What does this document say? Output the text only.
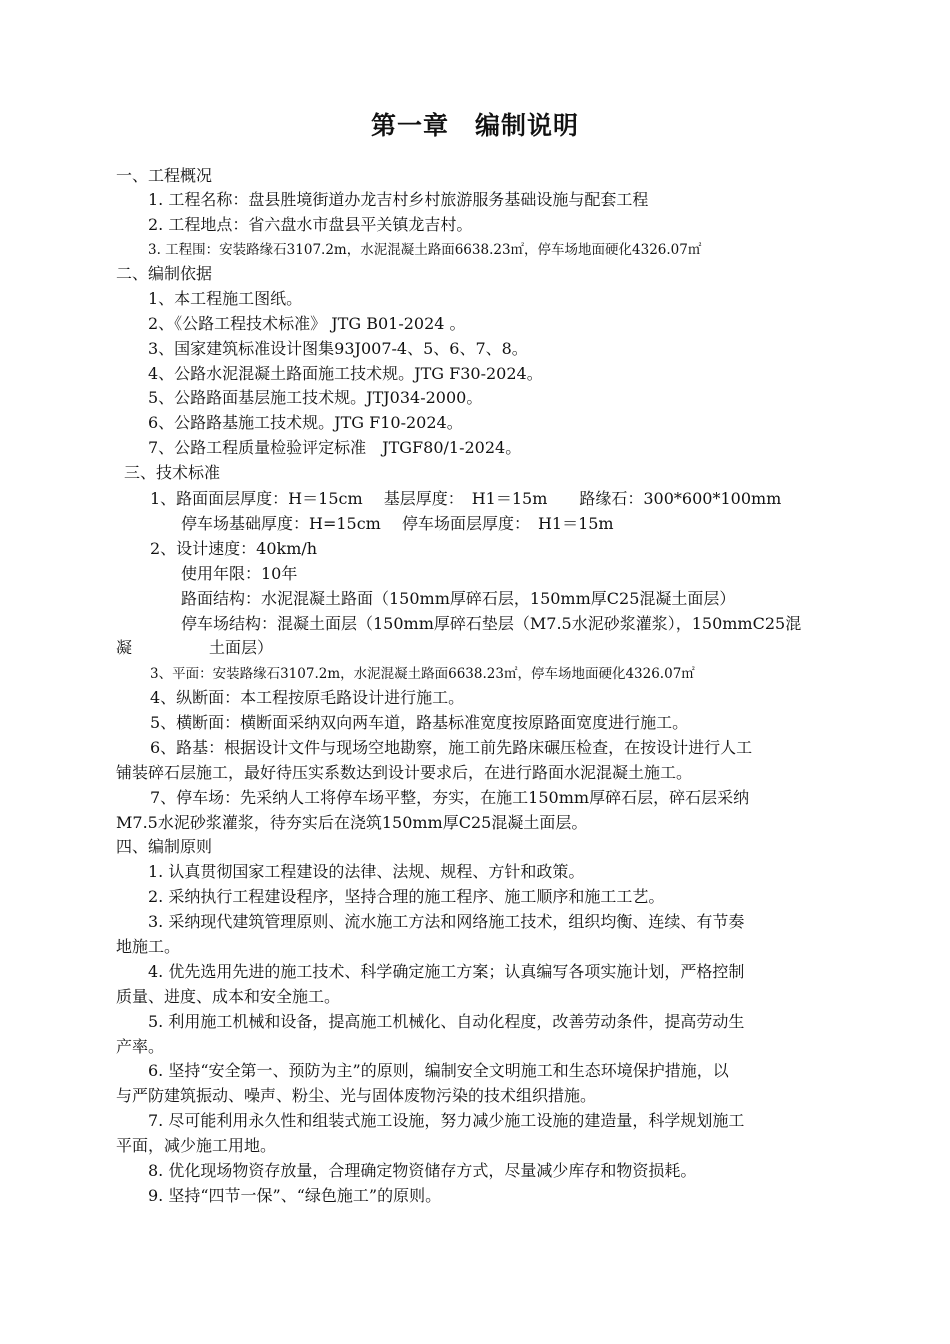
第一章　编制说明
一、工程概况
1. 工程名称：盘县胜境街道办龙吉村乡村旅游服务基础设施与配套工程
2. 工程地点：省六盘水市盘县平关镇龙吉村。
3. 工程围：安装路缘石3107.2m，水泥混凝土路面6638.23㎡，停车场地面硬化4326.07㎡
二、编制依据
1、本工程施工图纸。
2、《公路工程技术标准》 JTG B01-2024 。
3、国家建筑标准设计图集93J007-4、5、6、7、8。
4、公路水泥混凝土路面施工技术规。JTG F30-2024。
5、公路路面基层施工技术规。JTJ034-2000。
6、公路路基施工技术规。JTG F10-2024。
7、公路工程质量检验评定标准　JTGF80/1-2024。
三、技术标准
1、路面面层厚度：H＝15cm　 基层厚度：　H1＝15m　　路缘石：300*600*100mm
停车场基础厚度：H=15cm　 停车场面层厚度：　H1＝15m
2、设计速度：40km/h
使用年限：10年
路面结构：水泥混凝土路面（150mm厚碎石层，150mm厚C25混凝土面层）
停车场结构：混凝土面层（150mm厚碎石垫层（M7.5水泥砂浆灌浆），150mmC25混
凝	土面层）
3、平面：安装路缘石3107.2m，水泥混凝土路面6638.23㎡，停车场地面硬化4326.07㎡
4、纵断面：本工程按原毛路设计进行施工。
5、横断面：横断面采纳双向两车道，路基标准宽度按原路面宽度进行施工。
6、路基：根据设计文件与现场空地勘察，施工前先路床碾压检查，在按设计进行人工
铺装碎石层施工，最好待压实系数达到设计要求后，在进行路面水泥混凝土施工。
7、停车场：先采纳人工将停车场平整，夯实，在施工150mm厚碎石层，碎石层采纳
M7.5水泥砂浆灌浆，待夯实后在浇筑150mm厚C25混凝土面层。
四、编制原则
1. 认真贯彻国家工程建设的法律、法规、规程、方针和政策。
2. 采纳执行工程建设程序，坚持合理的施工程序、施工顺序和施工工艺。
3. 采纳现代建筑管理原则、流水施工方法和网络施工技术，组织均衡、连续、有节奏
地施工。
4. 优先选用先进的施工技术、科学确定施工方案；认真编写各项实施计划，严格控制
质量、进度、成本和安全施工。
5. 利用施工机械和设备，提高施工机械化、自动化程度，改善劳动条件，提高劳动生
产率。
6. 坚持“安全第一、预防为主”的原则，编制安全文明施工和生态环境保护措施，以
与严防建筑振动、噪声、粉尘、光与固体废物污染的技术组织措施。
7. 尽可能利用永久性和组装式施工设施，努力减少施工设施的建造量，科学规划施工
平面，减少施工用地。
8. 优化现场物资存放量，合理确定物资储存方式，尽量减少库存和物资损耗。
9. 坚持“四节一保”、“绿色施工”的原则。
